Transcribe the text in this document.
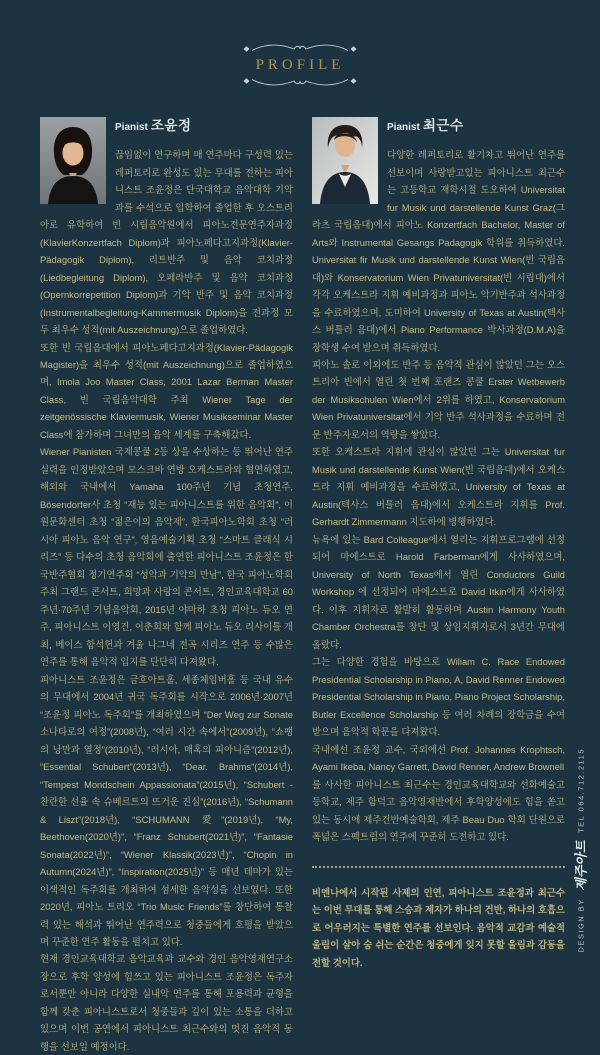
PROFILE
Pianist 조윤정

끊임없이 연구하며 매 연주마다 구성력 있는 레퍼토리로 완성도 있는 무대를 전하는 피아니스트 조윤정은 단국대학교 음악대학 기악과를 수석으로 입학하여 졸업한 후 오스트리아로 유학하여 빈 시립음악원에서 피아노전문연주자과정(KlavierKonzertfach Diplom)과 피아노페다고지과정(Klavier-Pädagogik Diplom), 리트반주 및 음악 코치과정(Liedbegleitung Diplom), 오페라반주 및 음악 코치과정(Opernkorrepetition Diplom)과 기악 반주 및 음악 코치과정(Instrumentalbegleitung-Kammermusik Diplom)을 전과정 모두 최우수 성적(mit Auszeichnung)으로 졸업하였다.

또한 빈 국립음대에서 피아노페다고지과정(Klavier-Pädagogik Magister)을 최우수 성적(mit Auszeichnung)으로 졸업하였으며, Imola Joo Master Class, 2001 Lazar Berman Master Class, 빈 국립음악대학 주최 Wiener Tage der zeitgenössische Klaviermusik, Wiener Musikseminar Master Class에 참가하며 그녀만의 음악 세계를 구축해갔다.

Wiener Pianisten 국제콩쿨 2등 상을 수상하는 등 뛰어난 연주 실력을 인정받았으며 모스크바 연방 오케스트라와 협연하였고, 해외와 국내에서 Yamaha 100주년 기념 초청연주, Bösendorfer사 초청 “재능 있는 피아니스트를 위한 음악회”, 이원문화센터 초청 “젊은이의 음악제”, 한국피아노학회 초청 “러시아 피아노 음악 연구”, 영음예술기획 초청 “스마트 클래식 시리즈” 등 다수의 초청 음악회에 출연한 피아니스트 조윤정은 한국반주협회 정기연주회 “성악과 기악의 만남”, 한국 피아노학회 주최 그랜드 콘서트, 희망과 사랑의 콘서트, 경인교육대학교 60주년·70주년 기념음악회, 2015년 야마하 초청 피아노 듀오 연주, 피아니스트 이영건, 이춘희와 함께 피아노 듀오 리사이틀 개최, 베이스 함석헌과 겨울 나그네 전곡 시리즈 연주 등 수많은 연주를 통해 음악적 입지를 단단히 다져왔다.

피아니스트 조윤정은 금호아트홀, 세종체임버홀 등 국내 유수의 무대에서 2004년 귀국 독주회를 시작으로 2006년·2007년 “조윤정 피아노 독주회”를 개최하였으며 “Der Weg zur Sonate 소나타로의 여정”(2008년), “여러 시간 속에서”(2009년), “쇼팽의 낭만과 열정”(2010년), “러시아, 매혹의 피아니즘”(2012년), “Essential Schubert”(2013년), “Dear. Brahms”(2014년), “Tempest Mondschein Appassionata”(2015년), “Schubert - 찬란한 선율 속 슈베르트의 뜨거운 진심”(2016년), “Schumann & Liszt”(2018년), “SCHUMANN 愛”(2019년), “My, Beethoven(2020년)”, “Franz Schubert(2021년)”, “Fantasie Sonata(2022년)”, “Wiener Klassik(2023년)”, “Chopin in Autumn(2024년)”, “Inspiration(2025년)” 등 매년 테마가 있는 이색적인 독주회를 개최하여 섬세한 음악성을 선보였다. 또한 2020년, 피아노 트리오 “Trio Music Friends”를 창단하여 통찰력 있는 해석과 뛰어난 연주력으로 청중들에게 호평을 받았으며 꾸준한 연주 활동을 펼치고 있다.

현재 경인교육대학교 음악교육과 교수와 경인 음악영재연구소장으로 후학 양성에 힘쓰고 있는 피아니스트 조윤정은 독주자로서뿐만 아니라 다양한 실내악 연주를 통해 포용력과 균형을 함께 갖춘 피아니스트로서 청중들과 깊이 있는 소통을 더하고 있으며 이번 공연에서 피아니스트 최근수와의 멋진 음악적 동행을 선보일 예정이다.

Pianist 최근수

다양한 레퍼토리로 활기차고 뛰어난 연주를 선보이며 사랑받고있는 피아니스트 최근수는 고등학교 재학시절 도오하여 Universitat fur Musik und darstellende Kunst Graz(그라츠 국립음대)에서 피아노 Konzertfach Bachelor, Master of Arts와 Instrumental Gesangs Padagogik 학위를 취득하였다. Universitat fir Musik und darstellende Kunst Wien(빈 국립음대)와 Konservatorium Wien Privatuniversitat(빈 시립대)에서 각각 오케스트라 지휘 예비과정과 피아노 악기반주과 석사과정을 수료하였으며, 도미하여 University of Texas at Austin(텍사스 버틀러 음대)에서 Piano Performance 박사과정(D.M.A)을 장학생 수여 받으며 취득하였다.

피아노 솔로 이외에도 반주 등 음악적 관심이 많았던 그는 오스트리아 빈에서 열린 첫 번째 포랜즈 콩쿨 Erster Wetbewerb der Musikschulen Wien에서 2위를 하였고, Konservatorium Wien Privatuniversitat에서 기악 반주 석사과정을 수료하며 전문 반주자로서의 역량을 쌓았다.

또한 오케스트라 지휘에 관심이 많았던 그는 Universitat fur Musik und darstellende Kunst Wien(빈 국립음대)에서 오케스트라 지휘 예비과정을 수료하였고, University of Texas at Austin(텍사스 버틀러 음대)에서 오케스트라 지휘를 Prof. Gerhardt Zimmermann 지도하에 병행하였다.

뉴욕에 있는 Bard Colleague에서 열리는 지휘프로그램에 선정되어 마에스트로 Harold Farberman에게 사사하였으며, University of North Texas에서 열린 Conductors Guild Workshop 에 선정되어 마에스트로 David Itkin에게 사사하였다. 이후 지휘자로 활발히 활동하며 Austin Harmony Youth Chamber Orchestra를 창단 및 상임지휘자로서 3년간 무대에 올랐다.

그는 다양한 경험을 바탕으로 Wiliam C. Race Endowed Presidential Scholarship in Piano, A, David Renner Endowed Presidential Scholarship in Piano, Piano Project Scholarship, Butler Excellence Scholarship 등 여러 차례의 장학금을 수여 받으며 음악적 학문을 다져왔다.

국내에선 조윤정 교수, 국외에선 Prof. Johannes Krophtsch, Ayami Ikeba, Nancy Garrett, David Renner, Andrew Brownell

를 사사한 피아니스트 최근수는 경인교육대학교와 선화예술고등학교, 제주 함덕고 음악영재반에서 후학양성에도 힘을 쏟고 있는 동시에 제주건반예술학회, 제주 Beau Duo 학회 단원으로 폭넓은 스펙트럼의 연주에 꾸준히 도전하고 있다.

비엔나에서 시작된 사제의 인연, 피아니스트 조윤정과 최근수는 이번 무대를 통해 스승과 제자가 하나의 건반, 하나의 호흡으로 어우러지는 특별한 연주를 선보인다. 음악적 교감과 예술적 울림이 살아 숨 쉬는 순간은 청중에게 잊지 못할 울림과 감동을 전할 것이다.

DESIGN BY 제주아트 TEL 064.712.2115
